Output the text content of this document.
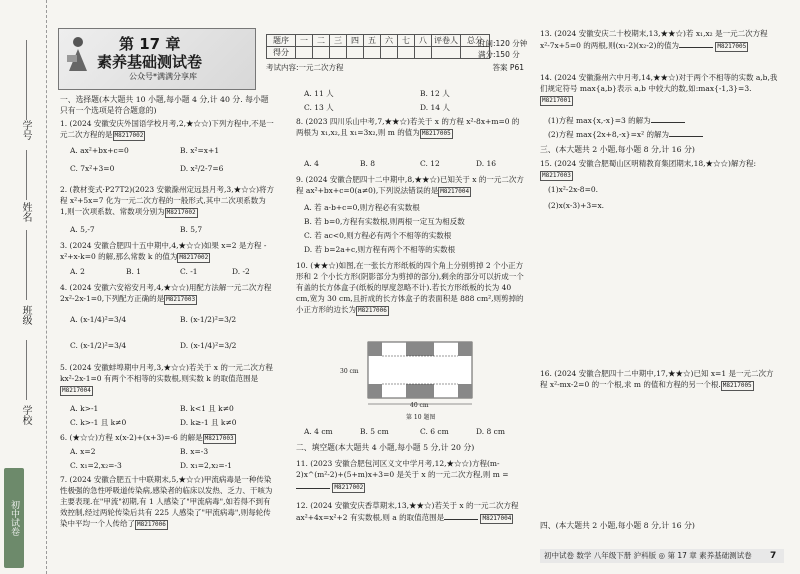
学号
姓名
班级
学校
初中试卷
第 17 章
素养基础测试卷
公众号*满满分享库
题序	一	二	三	四	五	六	七	八	评卷人	总分
得分										
时间:120 分钟
满分:150 分
考试内容:一元二次方程	答案 P61
一、选择题(本大题共 10 小题,每小题 4 分,计 40 分. 每小题只有一个选项是符合题意的)
1. (2024 安徽安庆外国语学校月考,2,★☆☆)下列方程中,不是一元二次方程的是 M8217002
A. ax²+bx+c=0	B. x²=x+1
C. 7x²+3=0	D. x²/2-7=6
2. (教材变式·P27T2)(2023 安徽滁州定远县月考,3,★☆☆)将方程 x²+5x=7 化为一元二次方程的一般形式,其中二次项系数为 1,则一次项系数、常数项分别为 M8217002
A. 5,-7	B. 5,7
3. (2024 安徽合肥四十五中期中,4,★☆☆)如果 x=2 是方程 -x²+x-k=0 的解,那么常数 k 的值为 M8217002
A. 2	B. 1	C. -1	D. -2
4. (2024 安徽六安裕安月考,4,★☆☆)用配方法解一元二次方程 2x²-2x-1=0,下列配方正确的是 M8217003
A. (x-1/4)²=3/4	B. (x-1/2)²=3/2
C. (x-1/2)²=3/4	D. (x-1/4)²=3/2
5. (2024 安徽蚌埠期中月考,3,★☆☆)若关于 x 的一元二次方程 kx²-2x-1=0 有两个不相等的实数根,则实数 k 的取值范围是M8217004
A. k>-1	B. k<1 且 k≠0
C. k>-1 且 k≠0	D. k≥-1 且 k≠0
6. (★☆☆)方程 x(x-2)+(x+3)=-6 的解是 M8217003
A. x=2	B. x=-3
C. x₁=2,x₂=-3	D. x₁=2,x₂=-1
7. (2024 安徽合肥五十中联期末,5,★☆☆)甲流病毒是一种传染性极强的急性呼吸道传染病,感染者的临床以发热、乏力、干咳为主要表现.在"甲流"初期,有 1 人感染了"甲流病毒",如若得不到有效控制,经过两轮传染后共有 225 人感染了"甲流病毒",则每轮传染中平均一个人传给了 M8217006
A. 11 人	B. 12 人
C. 13 人	D. 14 人
8. (2023 四川乐山中考,7,★★☆)若关于 x 的方程 x²-8x+m=0 的两根为 x₁,x₂,且 x₁=3x₂,则 m 的值为 M8217005
A. 4	B. 8	C. 12	D. 16
9. (2024 安徽合肥四十二中期中,8,★★☆)已知关于 x 的一元二次方程 ax²+bx+c=0(a≠0),下列说法错误的是 M8217004
A. 若 a-b+c=0,则方程必有实数根
B. 若 b=0,方程有实数根,则两根一定互为相反数
C. 若 ac<0,则方程必有两个不相等的实数根
D. 若 b=2a+c,则方程有两个不相等的实数根
10. (★★☆)如图,在一张长方形纸板的四个角上分别剪掉 2 个小正方形和 2 个小长方形(阴影部分为剪掉的部分),剩余的部分可以折成一个有盖的长方体盒子(纸板的厚度忽略不计).若长方形纸板的长为 40 cm,宽为 30 cm,且折成的长方体盒子的表面积是 888 cm²,则剪掉的小正方形的边长为 M8217006
30 cm
40 cm
第 10 题图
A. 4 cm	B. 5 cm	C. 6 cm	D. 8 cm
二、填空题(本大题共 4 小题,每小题 5 分,计 20 分)
11. (2023 安徽合肥包河区义文中学月考,12,★☆☆)方程(m-2)x^(m²-2)+(5+m)x+3=0 是关于 x 的一元二次方程,则 m = M8217002
12. (2024 安徽安庆香草期末,13,★★☆)若关于 x 的一元二次方程 ax²+4x=x²+2 有实数根,则 a 的取值范围是	M8217004
13. (2024 安徽安庆二十校期末,13,★★☆)若 x₁,x₂ 是一元二次方程 x²-7x+5=0 的两根,则(x₁-2)(x₂-2)的值为	M8217005
14. (2024 安徽滁州六中月考,14,★★☆)对于两个不相等的实数 a,b,我们规定符号 max{a,b}表示 a,b 中较大的数,如:max{-1,3}=3.M8217001
(1)方程 max{x,-x}=3 的解为
(2)方程 max{2x+8,-x}=x² 的解为
三、(本大题共 2 小题,每小题 8 分,计 16 分)
15. (2024 安徽合肥蜀山区明精教育集团期末,18,★☆☆)解方程:M8217003
(1)x²-2x-8=0.
(2)x(x-3)+3=x.
16. (2024 安徽合肥四十二中期中,17,★★☆)已知 x=1 是一元二次方程 x²-mx-2=0 的一个根,求 m 的值和方程的另一个根. M8217005
四、(本大题共 2 小题,每小题 8 分,计 16 分)
初中试卷 数学 八年级下册 沪科版 ◎ 第 17 章 素养基础测试卷	7
